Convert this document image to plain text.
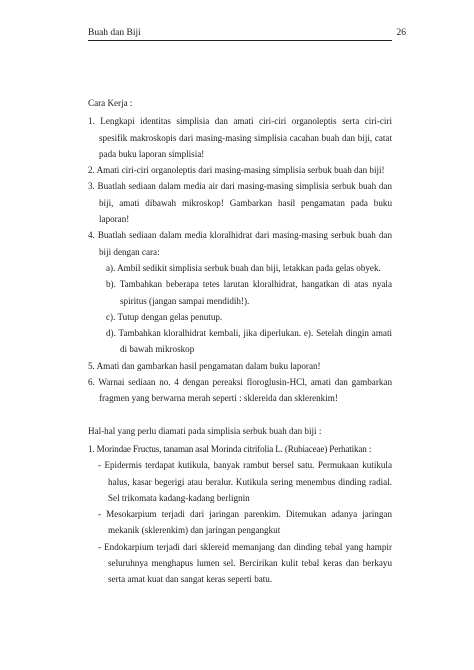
Buah dan Biji	26

Cara Kerja :

1. Lengkapi identitas simplisia dan amati ciri-ciri organoleptis serta ciri-ciri spesifik makroskopis dari masing-masing simplisia cacahan buah dan biji, catat pada buku laporan simplisia!

2. Amati ciri-ciri organoleptis dari masing-masing simplisia serbuk buah dan biji!

3. Buatlah sediaan dalam media air dari masing-masing simplisia serbuk buah dan biji, amati dibawah mikroskop! Gambarkan hasil pengamatan pada buku laporan!

4. Buatlah sediaan dalam media kloralhidrat dari masing-masing serbuk buah dan biji dengan cara:

a). Ambil sedikit simplisia serbuk buah dan biji, letakkan pada gelas obyek.

b). Tambahkan beberapa tetes larutan kloralhidrat, hangatkan di atas nyala spiritus (jangan sampai mendidih!).

c). Tutup dengan gelas penutup.

d). Tambahkan kloralhidrat kembali, jika diperlukan. e). Setelah dingin amati di bawah mikroskop

5. Amati dan gambarkan hasil pengamatan dalam buku laporan!

6. Warnai sediaan no. 4 dengan pereaksi floroglusin-HCl, amati dan gambarkan fragmen yang berwarna merah seperti : sklereida dan sklerenkim!

Hal-hal yang perlu diamati pada simplisia serbuk buah dan biji :

1. Morindae Fructus, tanaman asal Morinda citrifolia L. (Rubiaceae) Perhatikan :

- Epidermis terdapat kutikula, banyak rambut bersel satu. Permukaan kutikula halus, kasar begerigi atau beralur. Kutikula sering menembus dinding radial. Sel trikomata kadang-kadang berlignin

- Mesokarpium terjadi dari jaringan parenkim. Ditemukan adanya jaringan mekanik (sklerenkim) dan jaringan pengangkut

- Endokarpium terjadi dari sklereid memanjang dan dinding tebal yang hampir seluruhnya menghapus lumen sel. Bercirikan kulit tebal keras dan berkayu serta amat kuat dan sangat keras seperti batu.
